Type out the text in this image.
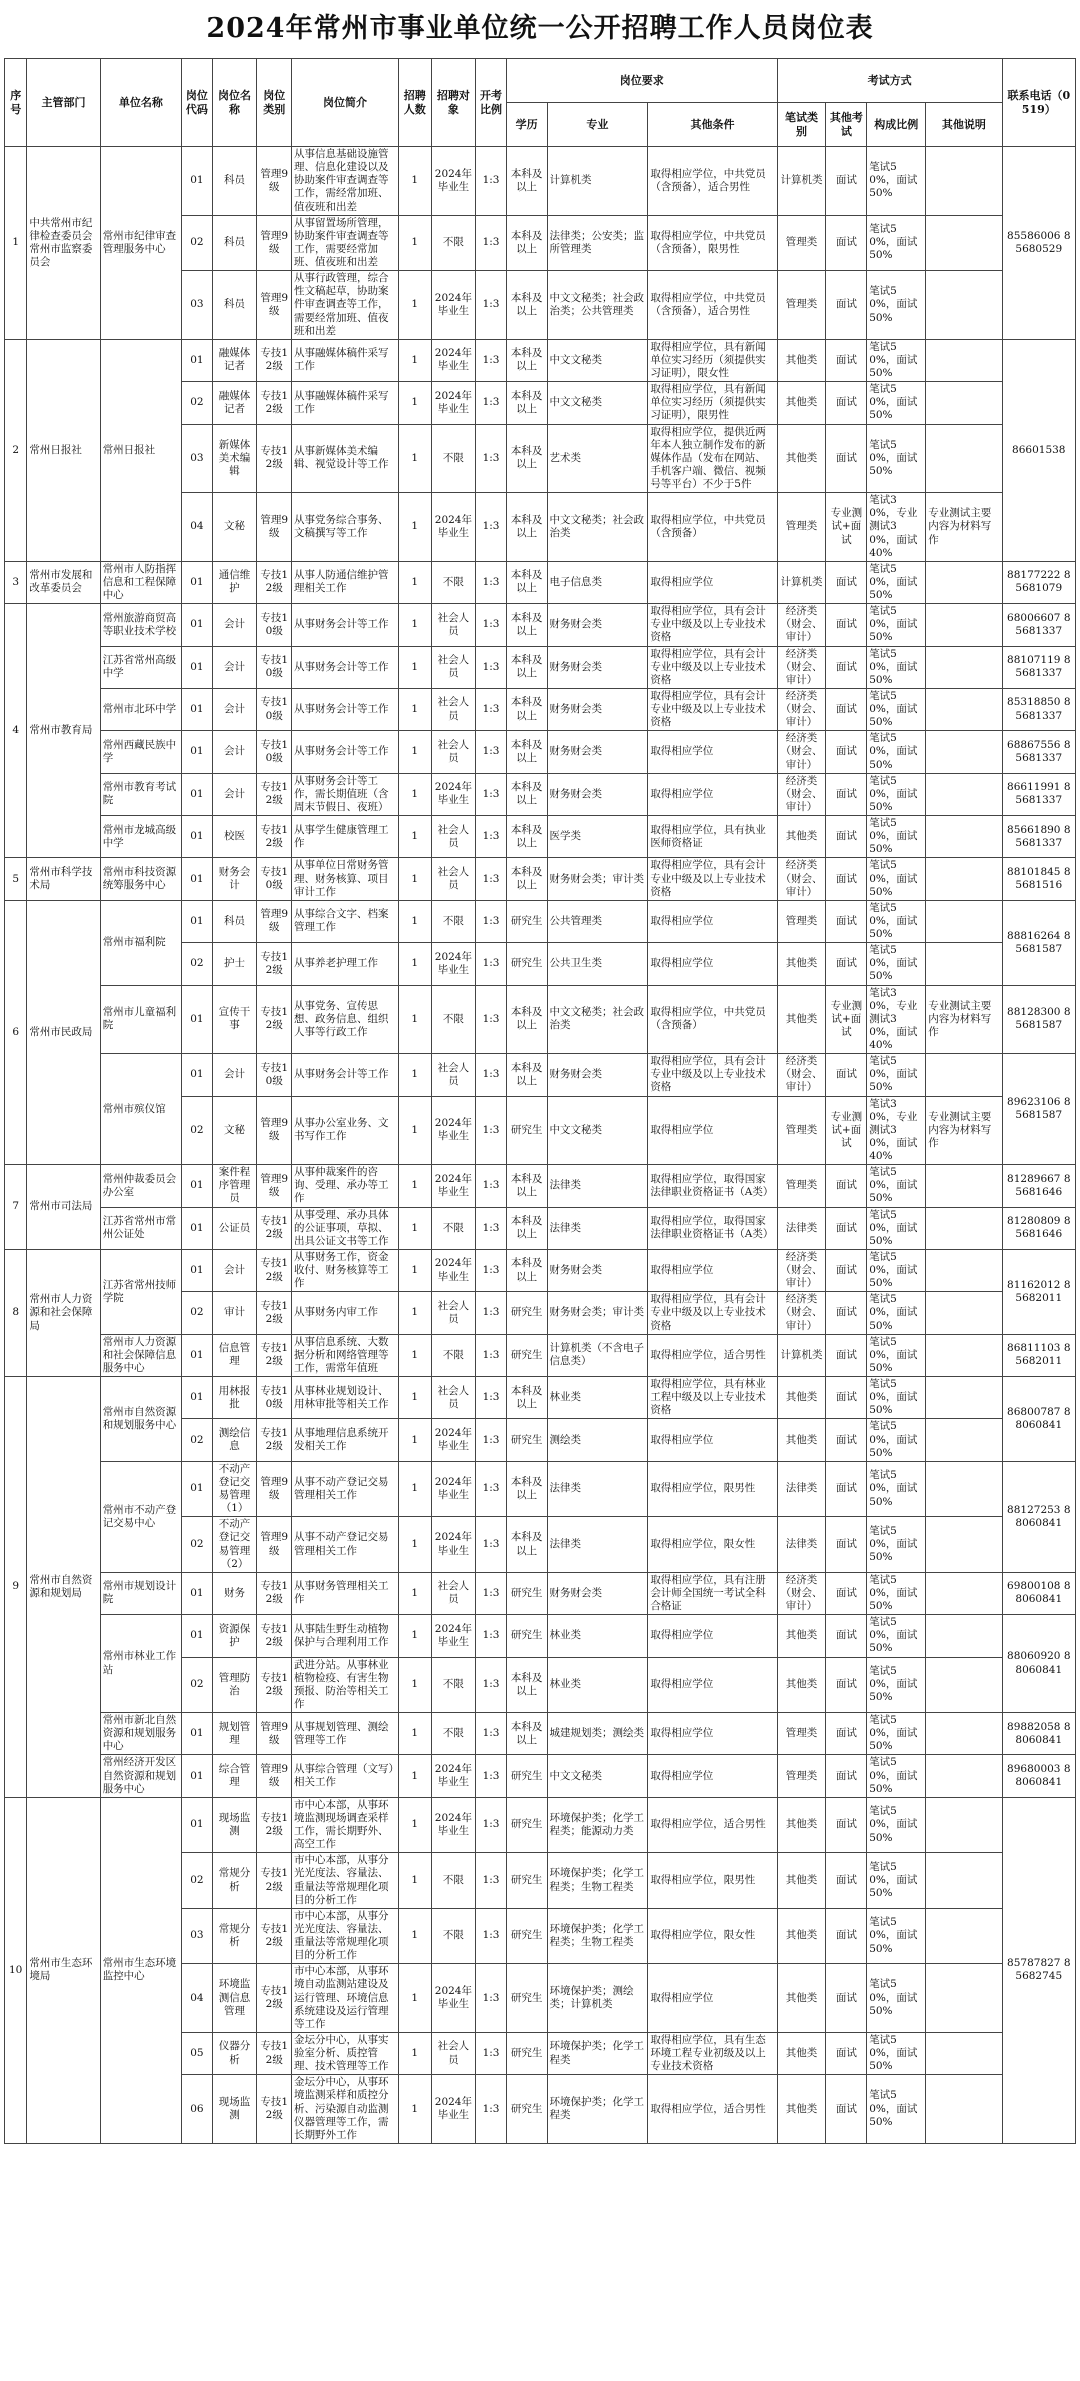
2024年常州市事业单位统一公开招聘工作人员岗位表
序号	主管部门	单位名称	岗位代码	岗位名称	岗位类别	岗位简介	招聘人数	招聘对象	开考比例	岗位要求			考试方式				联系电话（0519）
										学历	专业	其他条件	笔试类别	其他考试	构成比例	其他说明	
1	中共常州市纪律检查委员会常州市监察委员会	常州市纪律审查管理服务中心	01	科员	管理9级	从事信息基础设施管理、信息化建设以及协助案件审查调查等工作，需经常加班、值夜班和出差	1	2024年毕业生	1:3	本科及以上	计算机类	取得相应学位，中共党员（含预备），适合男性	计算机类	面试	笔试50%，面试50%		85586006 85680529
			02	科员	管理9级	从事留置场所管理，协助案件审查调查等工作，需要经常加班、值夜班和出差	1	不限	1:3	本科及以上	法律类；公安类；监所管理类	取得相应学位，中共党员（含预备），限男性	管理类	面试	笔试50%，面试50%		
			03	科员	管理9级	从事行政管理，综合性文稿起草，协助案件审查调查等工作，需要经常加班、值夜班和出差	1	2024年毕业生	1:3	本科及以上	中文文秘类；社会政治类；公共管理类	取得相应学位，中共党员（含预备），适合男性	管理类	面试	笔试50%，面试50%		
2	常州日报社	常州日报社	01	融媒体记者	专技12级	从事融媒体稿件采写工作	1	2024年毕业生	1:3	本科及以上	中文文秘类	取得相应学位，具有新闻单位实习经历（须提供实习证明），限女性	其他类	面试	笔试50%，面试50%		86601538
			02	融媒体记者	专技12级	从事融媒体稿件采写工作	1	2024年毕业生	1:3	本科及以上	中文文秘类	取得相应学位，具有新闻单位实习经历（须提供实习证明），限男性	其他类	面试	笔试50%，面试50%		
			03	新媒体美术编辑	专技12级	从事新媒体美术编辑、视觉设计等工作	1	不限	1:3	本科及以上	艺术类	取得相应学位，提供近两年本人独立制作发布的新媒体作品（发布在网站、手机客户端、微信、视频号等平台）不少于5件	其他类	面试	笔试50%，面试50%		
			04	文秘	管理9级	从事党务综合事务、文稿撰写等工作	1	2024年毕业生	1:3	本科及以上	中文文秘类；社会政治类	取得相应学位，中共党员（含预备）	管理类	专业测试+面试	笔试30%，专业测试30%，面试40%	专业测试主要内容为材料写作	
3	常州市发展和改革委员会	常州市人防指挥信息和工程保障中心	01	通信维护	专技12级	从事人防通信维护管理相关工作	1	不限	1:3	本科及以上	电子信息类	取得相应学位	计算机类	面试	笔试50%，面试50%		88177222 85681079
4	常州市教育局	常州旅游商贸高等职业技术学校	01	会计	专技10级	从事财务会计等工作	1	社会人员	1:3	本科及以上	财务财会类	取得相应学位，具有会计专业中级及以上专业技术资格	经济类（财会、审计）	面试	笔试50%，面试50%		68006607 85681337
		江苏省常州高级中学	01	会计	专技10级	从事财务会计等工作	1	社会人员	1:3	本科及以上	财务财会类	取得相应学位，具有会计专业中级及以上专业技术资格	经济类（财会、审计）	面试	笔试50%，面试50%		88107119 85681337
		常州市北环中学	01	会计	专技10级	从事财务会计等工作	1	社会人员	1:3	本科及以上	财务财会类	取得相应学位，具有会计专业中级及以上专业技术资格	经济类（财会、审计）	面试	笔试50%，面试50%		85318850 85681337
		常州西藏民族中学	01	会计	专技10级	从事财务会计等工作	1	社会人员	1:3	本科及以上	财务财会类	取得相应学位	经济类（财会、审计）	面试	笔试50%，面试50%		68867556 85681337
		常州市教育考试院	01	会计	专技12级	从事财务会计等工作，需长期值班（含周末节假日、夜班）	1	2024年毕业生	1:3	本科及以上	财务财会类	取得相应学位	经济类（财会、审计）	面试	笔试50%，面试50%		86611991 85681337
		常州市龙城高级中学	01	校医	专技12级	从事学生健康管理工作	1	社会人员	1:3	本科及以上	医学类	取得相应学位，具有执业医师资格证	其他类	面试	笔试50%，面试50%		85661890 85681337
5	常州市科学技术局	常州市科技资源统筹服务中心	01	财务会计	专技10级	从事单位日常财务管理、财务核算、项目审计工作	1	社会人员	1:3	本科及以上	财务财会类；审计类	取得相应学位，具有会计专业中级及以上专业技术资格	经济类（财会、审计）	面试	笔试50%，面试50%		88101845 85681516
6	常州市民政局	常州市福利院	01	科员	管理9级	从事综合文字、档案管理工作	1	不限	1:3	研究生	公共管理类	取得相应学位	管理类	面试	笔试50%，面试50%		88816264 85681587
			02	护士	专技12级	从事养老护理工作	1	2024年毕业生	1:3	研究生	公共卫生类	取得相应学位	其他类	面试	笔试50%，面试50%		
		常州市儿童福利院	01	宣传干事	专技12级	从事党务、宣传思想、政务信息、组织人事等行政工作	1	不限	1:3	本科及以上	中文文秘类；社会政治类	取得相应学位，中共党员（含预备）	其他类	专业测试+面试	笔试30%，专业测试30%，面试40%	专业测试主要内容为材料写作	88128300 85681587
		常州市殡仪馆	01	会计	专技10级	从事财务会计等工作	1	社会人员	1:3	本科及以上	财务财会类	取得相应学位，具有会计专业中级及以上专业技术资格	经济类（财会、审计）	面试	笔试50%，面试50%		89623106 85681587
			02	文秘	管理9级	从事办公室业务、文书写作工作	1	2024年毕业生	1:3	研究生	中文文秘类	取得相应学位	管理类	专业测试+面试	笔试30%，专业测试30%，面试40%	专业测试主要内容为材料写作	
7	常州市司法局	常州仲裁委员会办公室	01	案件程序管理员	管理9级	从事仲裁案件的咨询、受理、承办等工作	1	2024年毕业生	1:3	本科及以上	法律类	取得相应学位，取得国家法律职业资格证书（A类）	管理类	面试	笔试50%，面试50%		81289667 85681646
		江苏省常州市常州公证处	01	公证员	专技12级	从事受理、承办具体的公证事项，草拟、出具公证文书等工作	1	不限	1:3	本科及以上	法律类	取得相应学位，取得国家法律职业资格证书（A类）	法律类	面试	笔试50%，面试50%		81280809 85681646
8	常州市人力资源和社会保障局	江苏省常州技师学院	01	会计	专技12级	从事财务工作，资金收付、财务核算等工作	1	2024年毕业生	1:3	本科及以上	财务财会类	取得相应学位	经济类（财会、审计）	面试	笔试50%，面试50%		81162012 85682011
			02	审计	专技12级	从事财务内审工作	1	社会人员	1:3	研究生	财务财会类；审计类	取得相应学位，具有会计专业中级及以上专业技术资格	经济类（财会、审计）	面试	笔试50%，面试50%		
		常州市人力资源和社会保障信息服务中心	01	信息管理	专技12级	从事信息系统、大数据分析和网络管理等工作，需常年值班	1	不限	1:3	研究生	计算机类（不含电子信息类）	取得相应学位，适合男性	计算机类	面试	笔试50%，面试50%		86811103 85682011
9	常州市自然资源和规划局	常州市自然资源和规划服务中心	01	用林报批	专技10级	从事林业规划设计、用林审批等相关工作	1	社会人员	1:3	本科及以上	林业类	取得相应学位，具有林业工程中级及以上专业技术资格	其他类	面试	笔试50%，面试50%		86800787 88060841
			02	测绘信息	专技12级	从事地理信息系统开发相关工作	1	2024年毕业生	1:3	研究生	测绘类	取得相应学位	其他类	面试	笔试50%，面试50%		
		常州市不动产登记交易中心	01	不动产登记交易管理（1）	管理9级	从事不动产登记交易管理相关工作	1	2024年毕业生	1:3	本科及以上	法律类	取得相应学位，限男性	法律类	面试	笔试50%，面试50%		88127253 88060841
			02	不动产登记交易管理（2）	管理9级	从事不动产登记交易管理相关工作	1	2024年毕业生	1:3	本科及以上	法律类	取得相应学位，限女性	法律类	面试	笔试50%，面试50%		
		常州市规划设计院	01	财务	专技12级	从事财务管理相关工作	1	社会人员	1:3	研究生	财务财会类	取得相应学位，具有注册会计师全国统一考试全科合格证	经济类（财会、审计）	面试	笔试50%，面试50%		69800108 88060841
		常州市林业工作站	01	资源保护	专技12级	从事陆生野生动植物保护与合理利用工作	1	2024年毕业生	1:3	研究生	林业类	取得相应学位	其他类	面试	笔试50%，面试50%		88060920 88060841
			02	管理防治	专技12级	武进分站。从事林业植物检疫、有害生物预报、防治等相关工作	1	不限	1:3	本科及以上	林业类	取得相应学位	其他类	面试	笔试50%，面试50%		
		常州市新北自然资源和规划服务中心	01	规划管理	管理9级	从事规划管理、测绘管理等工作	1	不限	1:3	本科及以上	城建规划类；测绘类	取得相应学位	管理类	面试	笔试50%，面试50%		89882058 88060841
		常州经济开发区自然资源和规划服务中心	01	综合管理	管理9级	从事综合管理（文写）相关工作	1	2024年毕业生	1:3	研究生	中文文秘类	取得相应学位	管理类	面试	笔试50%，面试50%		89680003 88060841
10	常州市生态环境局	常州市生态环境监控中心	01	现场监测	专技12级	市中心本部，从事环境监测现场调查采样工作，需长期野外、高空工作	1	2024年毕业生	1:3	研究生	环境保护类；化学工程类；能源动力类	取得相应学位，适合男性	其他类	面试	笔试50%，面试50%		85787827 85682745
			02	常规分析	专技12级	市中心本部，从事分光光度法、容量法、重量法等常规理化项目的分析工作	1	不限	1:3	研究生	环境保护类；化学工程类；生物工程类	取得相应学位，限男性	其他类	面试	笔试50%，面试50%		
			03	常规分析	专技12级	市中心本部，从事分光光度法、容量法、重量法等常规理化项目的分析工作	1	不限	1:3	研究生	环境保护类；化学工程类；生物工程类	取得相应学位，限女性	其他类	面试	笔试50%，面试50%		
			04	环境监测信息管理	专技12级	市中心本部，从事环境自动监测站建设及运行管理、环境信息系统建设及运行管理等工作	1	2024年毕业生	1:3	研究生	环境保护类；测绘类；计算机类	取得相应学位	其他类	面试	笔试50%，面试50%		
			05	仪器分析	专技12级	金坛分中心，从事实验室分析、质控管理、技术管理等工作	1	社会人员	1:3	研究生	环境保护类；化学工程类	取得相应学位，具有生态环境工程专业初级及以上专业技术资格	其他类	面试	笔试50%，面试50%		
			06	现场监测	专技12级	金坛分中心，从事环境监测采样和质控分析、污染源自动监测仪器管理等工作，需长期野外工作	1	2024年毕业生	1:3	研究生	环境保护类；化学工程类	取得相应学位，适合男性	其他类	面试	笔试50%，面试50%		
